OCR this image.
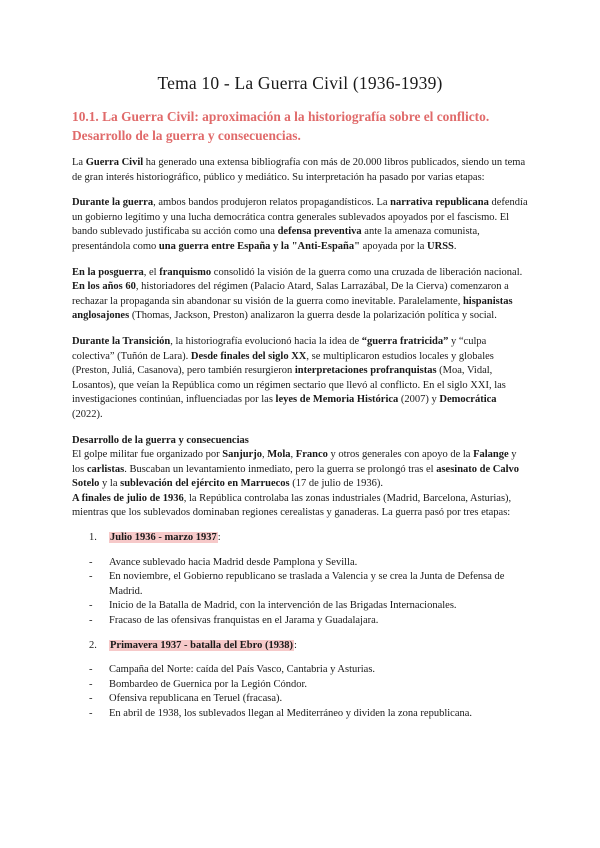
Tema 10 - La Guerra Civil (1936-1939)
10.1. La Guerra Civil: aproximación a la historiografía sobre el conflicto. Desarrollo de la guerra y consecuencias.

La Guerra Civil ha generado una extensa bibliografía con más de 20.000 libros publicados, siendo un tema de gran interés historiográfico, público y mediático. Su interpretación ha pasado por varias etapas:

Durante la guerra, ambos bandos produjeron relatos propagandísticos. La narrativa republicana defendía un gobierno legítimo y una lucha democrática contra generales sublevados apoyados por el fascismo. El bando sublevado justificaba su acción como una defensa preventiva ante la amenaza comunista, presentándola como una guerra entre España y la "Anti-España" apoyada por la URSS.

En la posguerra, el franquismo consolidó la visión de la guerra como una cruzada de liberación nacional. En los años 60, historiadores del régimen (Palacio Atard, Salas Larrazábal, De la Cierva) comenzaron a rechazar la propaganda sin abandonar su visión de la guerra como inevitable. Paralelamente, hispanistas anglosajones (Thomas, Jackson, Preston) analizaron la guerra desde la polarización política y social.

Durante la Transición, la historiografía evolucionó hacia la idea de “guerra fratricida” y “culpa colectiva” (Tuñón de Lara). Desde finales del siglo XX, se multiplicaron estudios locales y globales (Preston, Juliá, Casanova), pero también resurgieron interpretaciones profranquistas (Moa, Vidal, Losantos), que veían la República como un régimen sectario que llevó al conflicto. En el siglo XXI, las investigaciones continúan, influenciadas por las leyes de Memoria Histórica (2007) y Democrática (2022).

Desarrollo de la guerra y consecuencias
El golpe militar fue organizado por Sanjurjo, Mola, Franco y otros generales con apoyo de la Falange y los carlistas. Buscaban un levantamiento inmediato, pero la guerra se prolongó tras el asesinato de Calvo Sotelo y la sublevación del ejército en Marruecos (17 de julio de 1936).
A finales de julio de 1936, la República controlaba las zonas industriales (Madrid, Barcelona, Asturias), mientras que los sublevados dominaban regiones cerealistas y ganaderas. La guerra pasó por tres etapas:
1.	Julio 1936 - marzo 1937:
- Avance sublevado hacia Madrid desde Pamplona y Sevilla.
- En noviembre, el Gobierno republicano se traslada a Valencia y se crea la Junta de Defensa de Madrid.
- Inicio de la Batalla de Madrid, con la intervención de las Brigadas Internacionales.
- Fracaso de las ofensivas franquistas en el Jarama y Guadalajara.
2.	Primavera 1937 - batalla del Ebro (1938):
- Campaña del Norte: caída del País Vasco, Cantabria y Asturias.
- Bombardeo de Guernica por la Legión Cóndor.
- Ofensiva republicana en Teruel (fracasa).
- En abril de 1938, los sublevados llegan al Mediterráneo y dividen la zona republicana.
